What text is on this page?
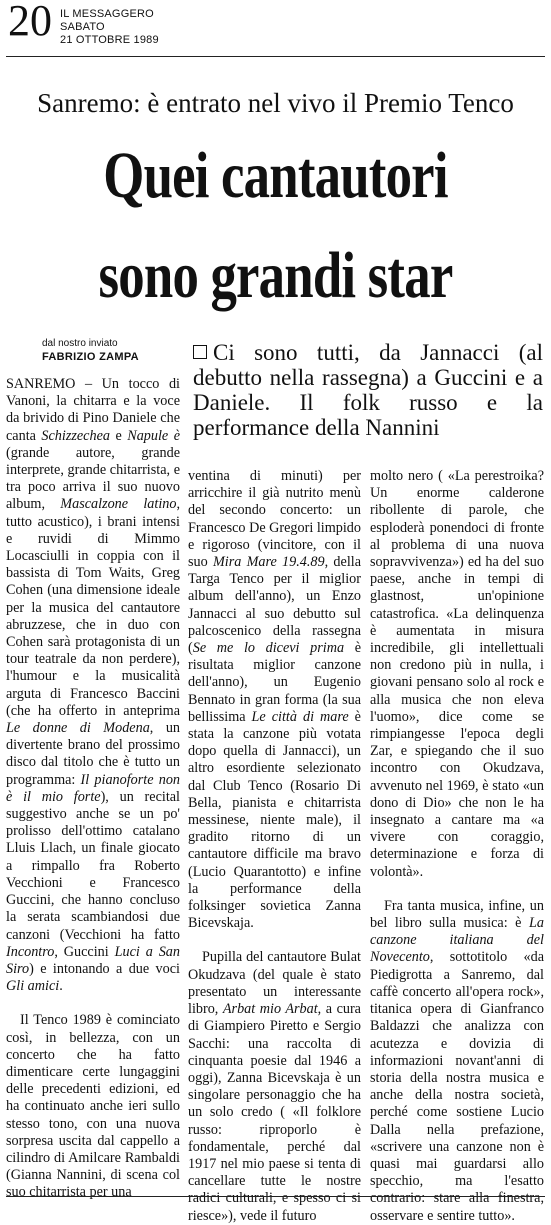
20 IL MESSAGGERO
SABATO
21 OTTOBRE 1989
Sanremo: è entrato nel vivo il Premio Tenco
Quei cantautori
sono grandi star
dal nostro inviato
FABRIZIO ZAMPA	Ci sono tutti, da Jannacci (al debutto nella rassegna) a Guccini e a Daniele. Il folk russo e la performance della Nannini

SANREMO – Un tocco di Vanoni, la chitarra e la voce da brivido di Pino Daniele che canta Schizzechea e Napule è (grande autore, grande interprete, grande chitarrista, e tra poco arriva il suo nuovo album, Mascalzone latino, tutto acustico), i brani intensi e ruvidi di Mimmo Locasciulli in coppia con il bassista di Tom Waits, Greg Cohen (una dimensione ideale per la musica del cantautore abruzzese, che in duo con Cohen sarà protagonista di un tour teatrale da non perdere), l'humour e la musicalità arguta di Francesco Baccini (che ha offerto in anteprima Le donne di Modena, un divertente brano del prossimo disco dal titolo che è tutto un programma: Il pianoforte non è il mio forte), un recital suggestivo anche se un po' prolisso dell'ottimo catalano Lluis Llach, un finale giocato a rimpallo fra Roberto Vecchioni e Francesco Guccini, che hanno concluso la serata scambiandosi due canzoni (Vecchioni ha fatto Incontro, Guccini Luci a San Siro) e intonando a due voci Gli amici.

Il Tenco 1989 è cominciato così, in bellezza, con un concerto che ha fatto dimenticare certe lungaggini delle precedenti edizioni, ed ha continuato anche ieri sullo stesso tono, con una nuova sorpresa uscita dal cappello a cilindro di Amilcare Rambaldi (Gianna Nannini, di scena col suo chitarrista per una

ventina di minuti) per arricchire il già nutrito menù del secondo concerto: un Francesco De Gregori limpido e rigoroso (vincitore, con il suo Mira Mare 19.4.89, della Targa Tenco per il miglior album dell'anno), un Enzo Jannacci al suo debutto sul palcoscenico della rassegna (Se me lo dicevi prima è risultata miglior canzone dell'anno), un Eugenio Bennato in gran forma (la sua bellissima Le città di mare è stata la canzone più votata dopo quella di Jannacci), un altro esordiente selezionato dal Club Tenco (Rosario Di Bella, pianista e chitarrista messinese, niente male), il gradito ritorno di un cantautore difficile ma bravo (Lucio Quarantotto) e infine la performance della folksinger sovietica Zanna Bicevskaja.

Pupilla del cantautore Bulat Okudzava (del quale è stato presentato un interessante libro, Arbat mio Arbat, a cura di Giampiero Piretto e Sergio Sacchi: una raccolta di cinquanta poesie dal 1946 a oggi), Zanna Bicevskaja è un singolare personaggio che ha un solo credo ( «Il folklore russo: riproporlo è fondamentale, perché dal 1917 nel mio paese si tenta di cancellare tutte le nostre radici culturali, e spesso ci si riesce»), vede il futuro

molto nero ( «La perestroika? Un enorme calderone ribollente di parole, che esploderà ponendoci di fronte al problema di una nuova sopravvivenza») ed ha del suo paese, anche in tempi di glastnost, un'opinione catastrofica. «La delinquenza è aumentata in misura incredibile, gli intellettuali non credono più in nulla, i giovani pensano solo al rock e alla musica che non eleva l'uomo», dice come se rimpiangesse l'epoca degli Zar, e spiegando che il suo incontro con Okudzava, avvenuto nel 1969, è stato «un dono di Dio» che non le ha insegnato a cantare ma «a vivere con coraggio, determinazione e forza di volontà».

Fra tanta musica, infine, un bel libro sulla musica: è La canzone italiana del Novecento, sottotitolo «da Piedigrotta a Sanremo, dal caffè concerto all'opera rock», titanica opera di Gianfranco Baldazzi che analizza con acutezza e dovizia di informazioni novant'anni di storia della nostra musica e anche della nostra società, perché come sostiene Lucio Dalla nella prefazione, «scrivere una canzone non è quasi mai guardarsi allo specchio, ma l'esatto contrario: stare alla finestra, osservare e sentire tutto».
